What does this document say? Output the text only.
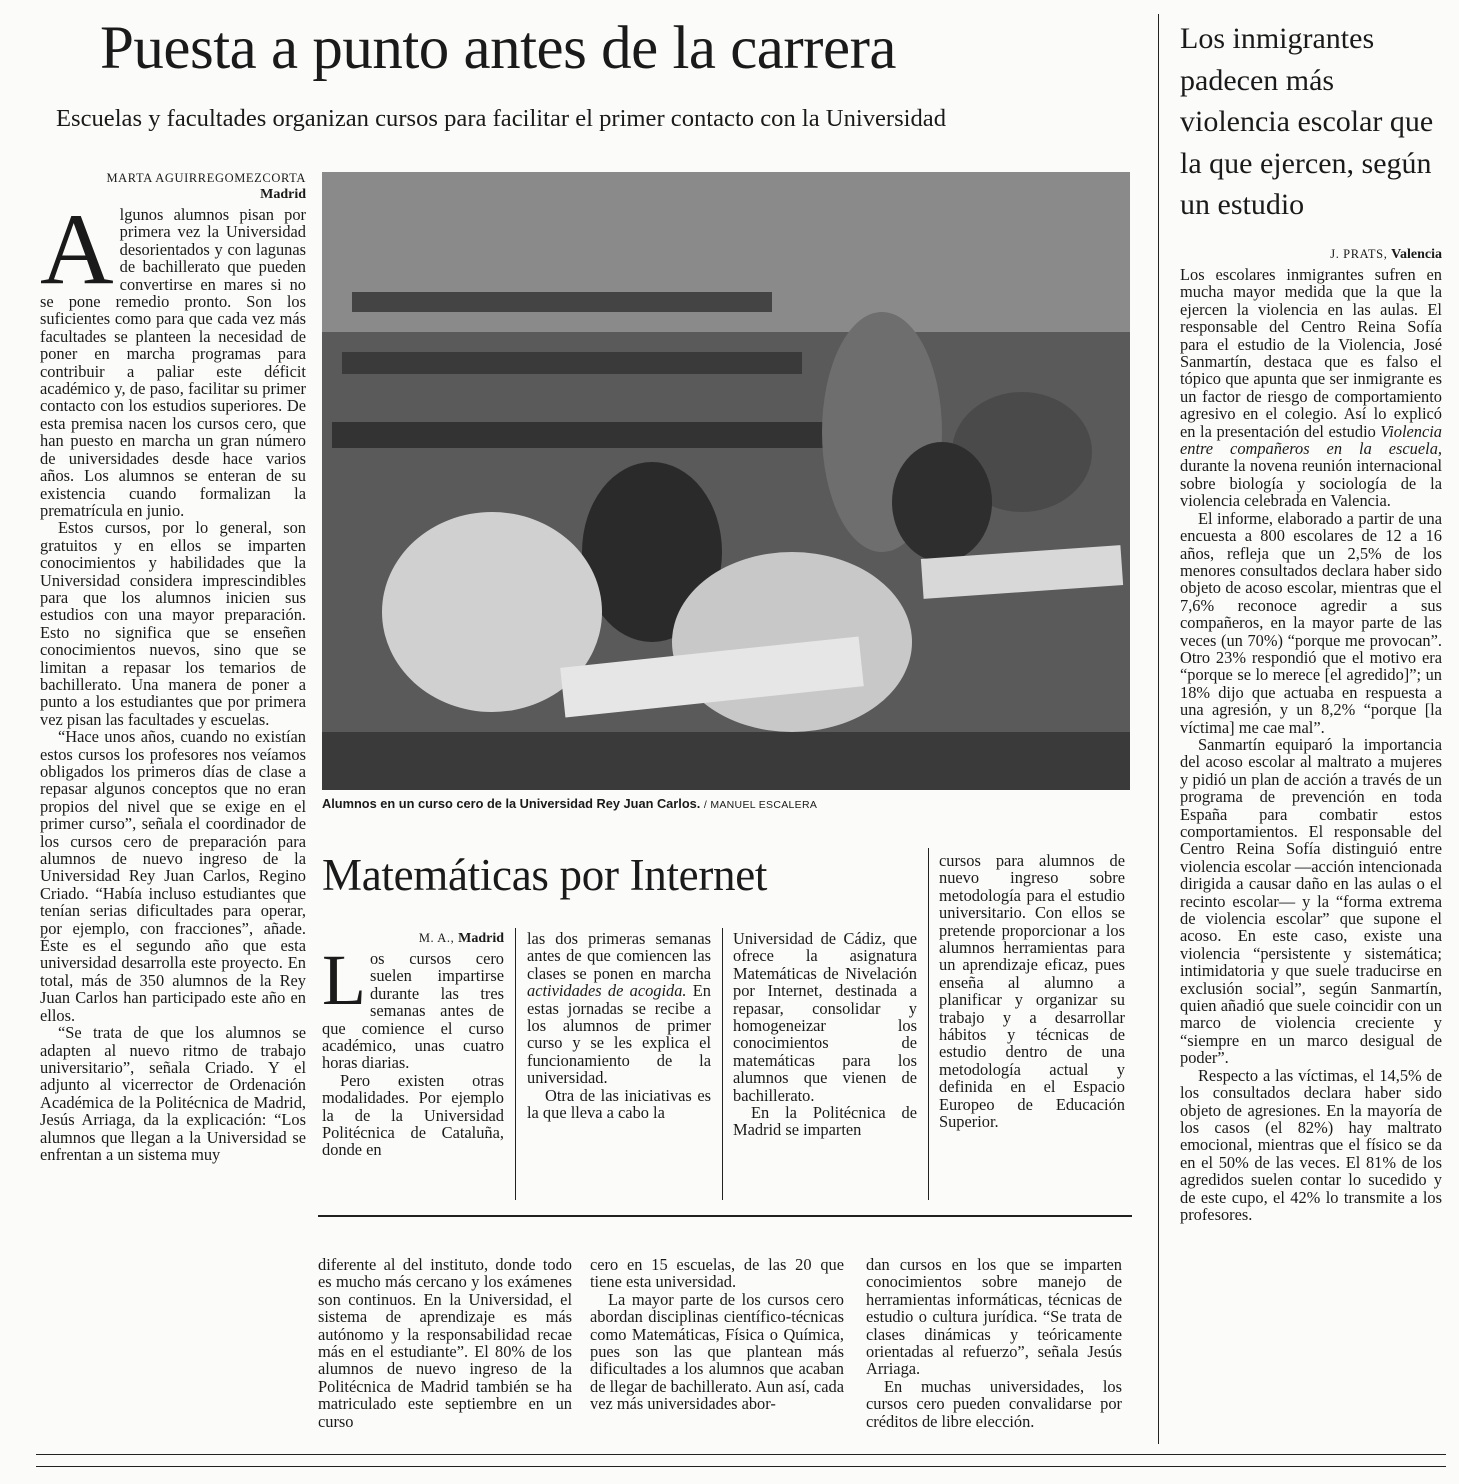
Puesta a punto antes de la carrera
Escuelas y facultades organizan cursos para facilitar el primer contacto con la Universidad
MARTA AGUIRREGOMEZCORTA
Madrid

Algunos alumnos pisan por primera vez la Universidad desorientados y con lagunas de bachillerato que pueden convertirse en mares si no se pone remedio pronto. Son los suficientes como para que cada vez más facultades se planteen la necesidad de poner en marcha programas para contribuir a paliar este déficit académico y, de paso, facilitar su primer contacto con los estudios superiores. De esta premisa nacen los cursos cero, que han puesto en marcha un gran número de universidades desde hace varios años. Los alumnos se enteran de su existencia cuando formalizan la prematrícula en junio.

Estos cursos, por lo general, son gratuitos y en ellos se imparten conocimientos y habilidades que la Universidad considera imprescindibles para que los alumnos inicien sus estudios con una mayor preparación. Esto no significa que se enseñen conocimientos nuevos, sino que se limitan a repasar los temarios de bachillerato. Una manera de poner a punto a los estudiantes que por primera vez pisan las facultades y escuelas.

“Hace unos años, cuando no existían estos cursos los profesores nos veíamos obligados los primeros días de clase a repasar algunos conceptos que no eran propios del nivel que se exige en el primer curso”, señala el coordinador de los cursos cero de preparación para alumnos de nuevo ingreso de la Universidad Rey Juan Carlos, Regino Criado. “Había incluso estudiantes que tenían serias dificultades para operar, por ejemplo, con fracciones”, añade. Éste es el segundo año que esta universidad desarrolla este proyecto. En total, más de 350 alumnos de la Rey Juan Carlos han participado este año en ellos.

“Se trata de que los alumnos se adapten al nuevo ritmo de trabajo universitario”, señala Criado. Y el adjunto al vicerrector de Ordenación Académica de la Politécnica de Madrid, Jesús Arriaga, da la explicación: “Los alumnos que llegan a la Universidad se enfrentan a un sistema muy

Alumnos en un curso cero de la Universidad Rey Juan Carlos. / MANUEL ESCALERA
Matemáticas por Internet
M. A., Madrid

Los cursos cero suelen impartirse durante las tres semanas antes de que comience el curso académico, unas cuatro horas diarias.

Pero existen otras modalidades. Por ejemplo la de la Universidad Politécnica de Cataluña, donde en

las dos primeras semanas antes de que comiencen las clases se ponen en marcha actividades de acogida. En estas jornadas se recibe a los alumnos de primer curso y se les explica el funcionamiento de la universidad.

Otra de las iniciativas es la que lleva a cabo la

Universidad de Cádiz, que ofrece la asignatura Matemáticas de Nivelación por Internet, destinada a repasar, consolidar y homogeneizar los conocimientos de matemáticas para los alumnos que vienen de bachillerato.

En la Politécnica de Madrid se imparten

cursos para alumnos de nuevo ingreso sobre metodología para el estudio universitario. Con ellos se pretende proporcionar a los alumnos herramientas para un aprendizaje eficaz, pues enseña al alumno a planificar y organizar su trabajo y a desarrollar hábitos y técnicas de estudio dentro de una metodología actual y definida en el Espacio Europeo de Educación Superior.

diferente al del instituto, donde todo es mucho más cercano y los exámenes son continuos. En la Universidad, el sistema de aprendizaje es más autónomo y la responsabilidad recae más en el estudiante”. El 80% de los alumnos de nuevo ingreso de la Politécnica de Madrid también se ha matriculado este septiembre en un curso

cero en 15 escuelas, de las 20 que tiene esta universidad.

La mayor parte de los cursos cero abordan disciplinas científico-técnicas como Matemáticas, Física o Química, pues son las que plantean más dificultades a los alumnos que acaban de llegar de bachillerato. Aun así, cada vez más universidades abor-

dan cursos en los que se imparten conocimientos sobre manejo de herramientas informáticas, técnicas de estudio o cultura jurídica. “Se trata de clases dinámicas y teóricamente orientadas al refuerzo”, señala Jesús Arriaga.

En muchas universidades, los cursos cero pueden convalidarse por créditos de libre elección.

Los inmigrantes padecen más violencia escolar que la que ejercen, según un estudio
J. PRATS, Valencia

Los escolares inmigrantes sufren en mucha mayor medida que la que la ejercen la violencia en las aulas. El responsable del Centro Reina Sofía para el estudio de la Violencia, José Sanmartín, destaca que es falso el tópico que apunta que ser inmigrante es un factor de riesgo de comportamiento agresivo en el colegio. Así lo explicó en la presentación del estudio Violencia entre compañeros en la escuela, durante la novena reunión internacional sobre biología y sociología de la violencia celebrada en Valencia.

El informe, elaborado a partir de una encuesta a 800 escolares de 12 a 16 años, refleja que un 2,5% de los menores consultados declara haber sido objeto de acoso escolar, mientras que el 7,6% reconoce agredir a sus compañeros, en la mayor parte de las veces (un 70%) “porque me provocan”. Otro 23% respondió que el motivo era “porque se lo merece [el agredido]”; un 18% dijo que actuaba en respuesta a una agresión, y un 8,2% “porque [la víctima] me cae mal”.

Sanmartín equiparó la importancia del acoso escolar al maltrato a mujeres y pidió un plan de acción a través de un programa de prevención en toda España para combatir estos comportamientos. El responsable del Centro Reina Sofía distinguió entre violencia escolar —acción intencionada dirigida a causar daño en las aulas o el recinto escolar— y la “forma extrema de violencia escolar” que supone el acoso. En este caso, existe una violencia “persistente y sistemática; intimidatoria y que suele traducirse en exclusión social”, según Sanmartín, quien añadió que suele coincidir con un marco de violencia creciente y “siempre en un marco desigual de poder”.

Respecto a las víctimas, el 14,5% de los consultados declara haber sido objeto de agresiones. En la mayoría de los casos (el 82%) hay maltrato emocional, mientras que el físico se da en el 50% de las veces. El 81% de los agredidos suelen contar lo sucedido y de este cupo, el 42% lo transmite a los profesores.
